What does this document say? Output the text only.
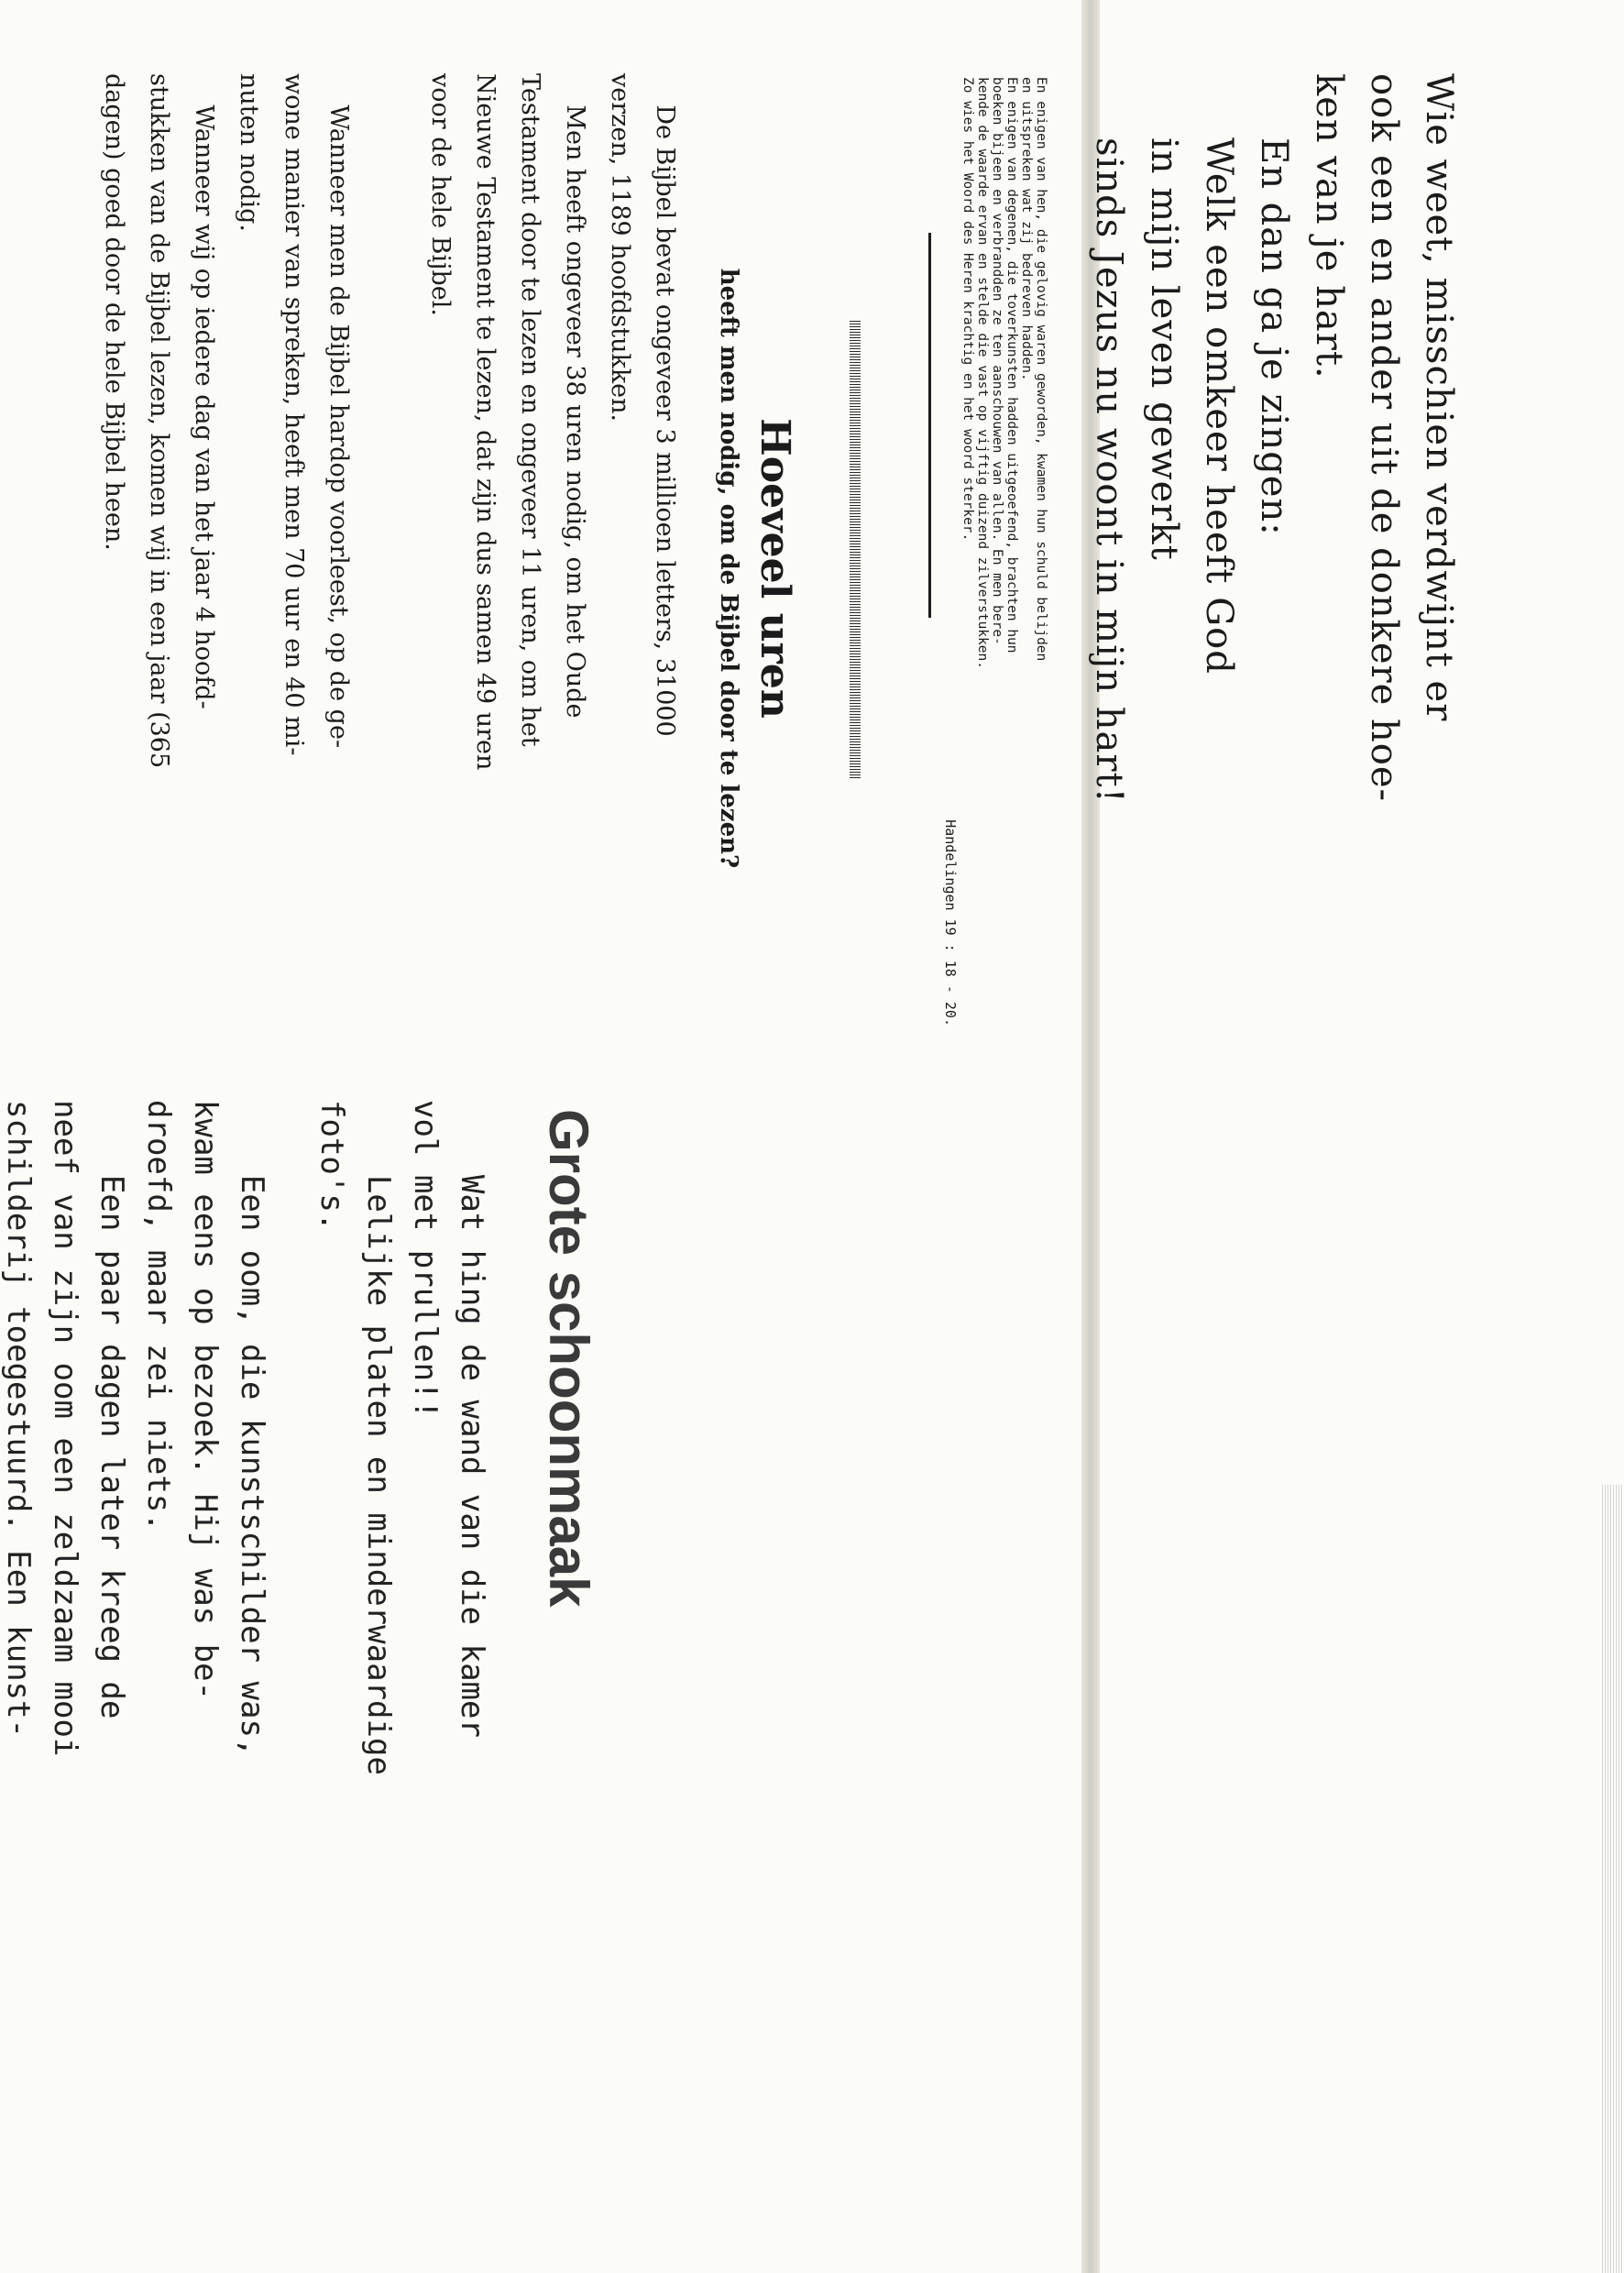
Wie weet, misschien verdwijnt er
ook een en ander uit de donkere hoe-
ken van je hart.
En dan ga je zingen:
Welk een omkeer heeft God
in mijn leven gewerkt
sinds Jezus nu woont in mijn hart!
En enigen van hen, die gelovig waren geworden, kwamen hun schuld belijden
en uitspreken wat zij bedreven hadden.
En enigen van degenen, die toverkunsten hadden uitgeoefend, brachten hun
boeken bijeen en verbrandden ze ten aanschouwen van allen. En men bere-
kende de waarde ervan en stelde die vast op vijftig duizend zilverstukken.
Zo wies het Woord des Heren krachtig en het woord sterker.
Handelingen 19 : 18 - 20.
Hoeveel uren
heeft men nodig, om de Bijbel door te lezen?
De Bijbel bevat ongeveer 3 millioen letters, 31000
verzen, 1189 hoofdstukken.
Men heeft ongeveer 38 uren nodig, om het Oude
Testament door te lezen en ongeveer 11 uren, om het
Nieuwe Testament te lezen, dat zijn dus samen 49 uren
voor de hele Bijbel.
Wanneer men de Bijbel hardop voorleest, op de ge-
wone manier van spreken, heeft men 70 uur en 40 mi-
nuten nodig.
Wanneer wij op iedere dag van het jaar 4 hoofd-
stukken van de Bijbel lezen, komen wij in een jaar (365
dagen) goed door de hele Bijbel heen.
Grote schoonmaak
Wat hing de wand van die kamer
vol met prullen!!
Lelijke platen en minderwaardige
foto's.
Een oom, die kunstschilder was,
kwam eens op bezoek. Hij was be-
droefd, maar zei niets.
Een paar dagen later kreeg de
neef van zijn oom een zeldzaam mooi
schilderij toegestuurd. Een kunst-
